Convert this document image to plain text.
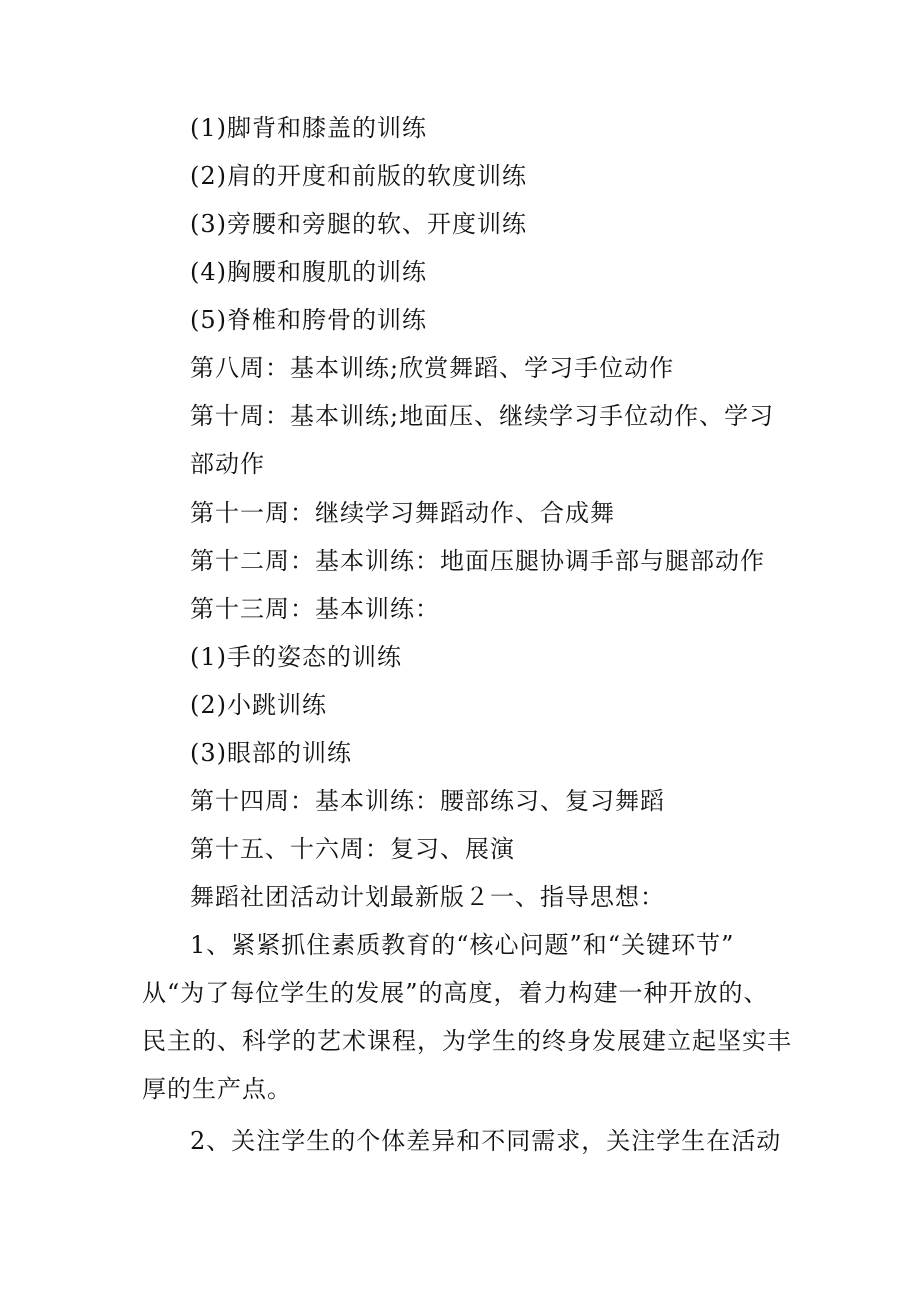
(1)脚背和膝盖的训练
(2)肩的开度和前版的软度训练
(3)旁腰和旁腿的软、开度训练
(4)胸腰和腹肌的训练
(5)脊椎和胯骨的训练
第八周：基本训练;欣赏舞蹈、学习手位动作
第十周：基本训练;地面压、继续学习手位动作、学习
部动作
第十一周：继续学习舞蹈动作、合成舞
第十二周：基本训练：地面压腿协调手部与腿部动作
第十三周：基本训练：
(1)手的姿态的训练
(2)小跳训练
(3)眼部的训练
第十四周：基本训练：腰部练习、复习舞蹈
第十五、十六周：复习、展演
舞蹈社团活动计划最新版２一、指导思想：
1、紧紧抓住素质教育的“核心问题”和“关键环节”
从“为了每位学生的发展”的高度，着力构建一种开放的、
民主的、科学的艺术课程，为学生的终身发展建立起坚实丰
厚的生产点。
2、关注学生的个体差异和不同需求，关注学生在活动
